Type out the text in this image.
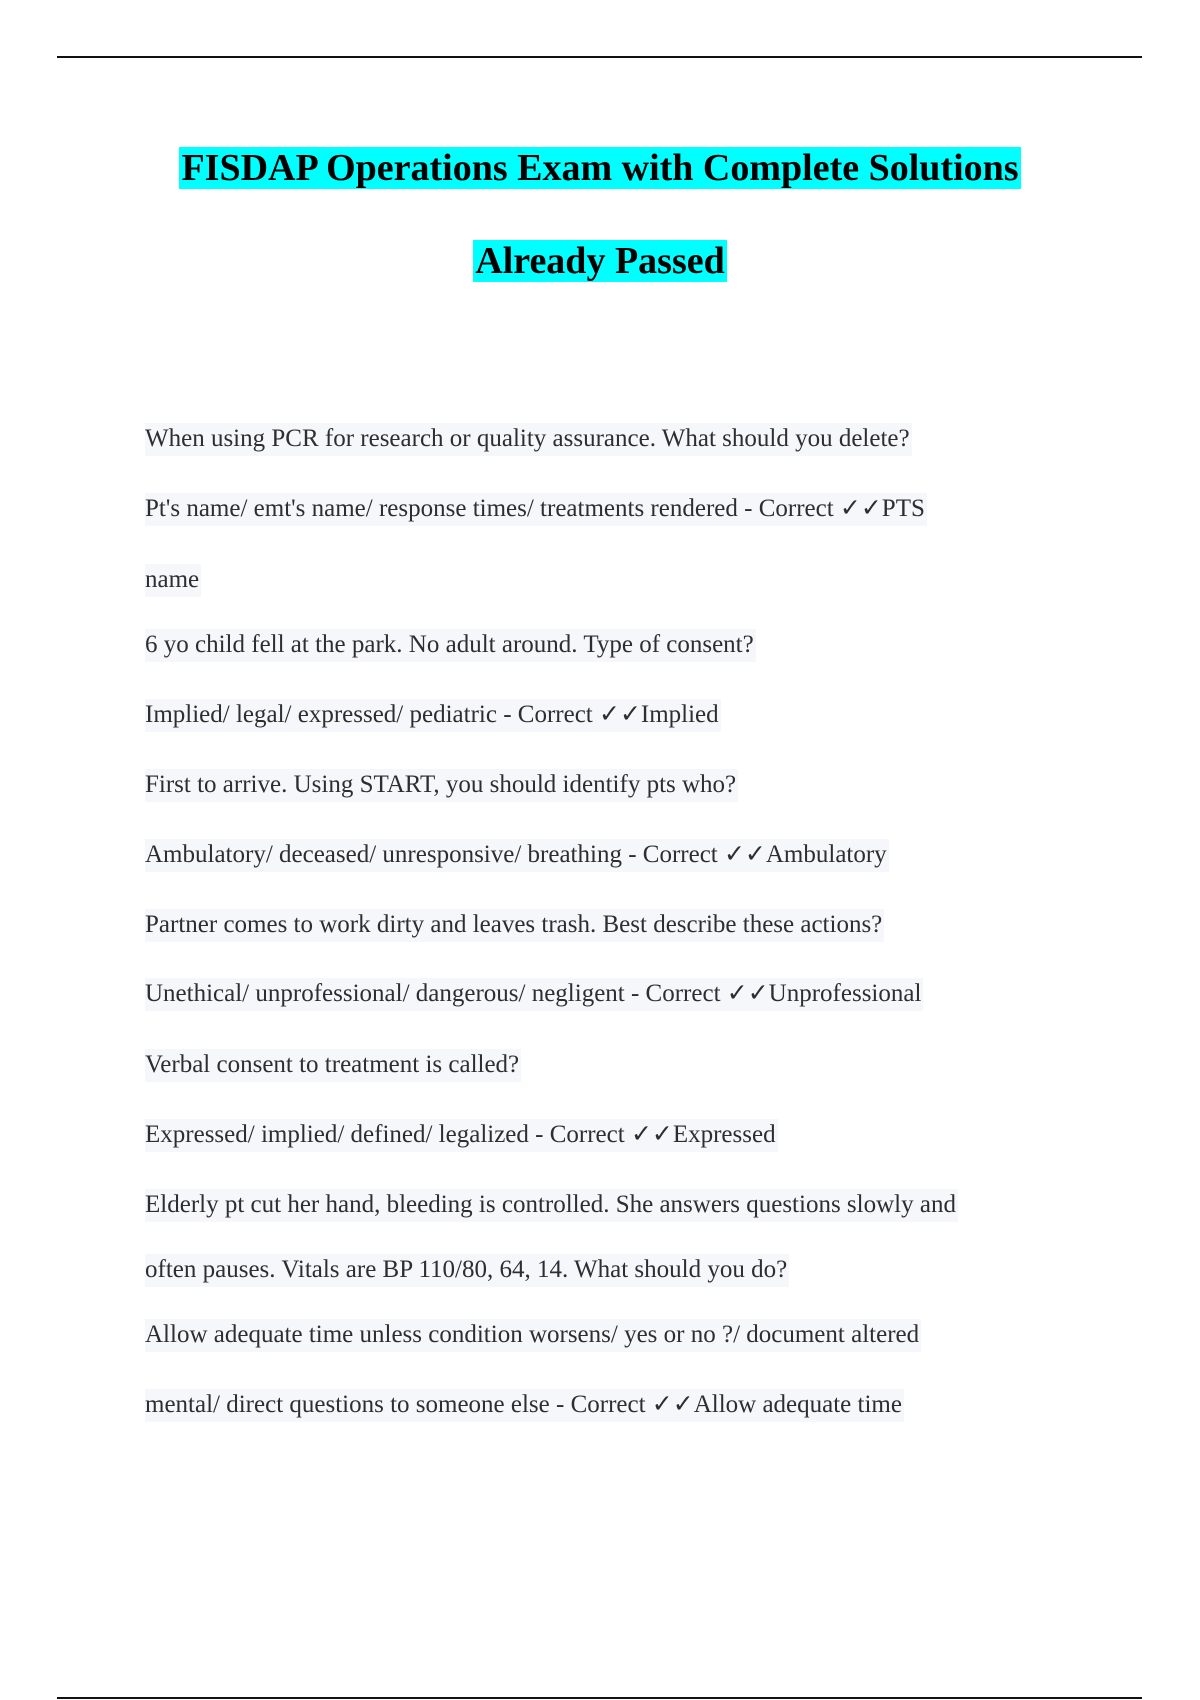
FISDAP Operations Exam with Complete Solutions
Already Passed
When using PCR for research or quality assurance. What should you delete?
Pt's name/ emt's name/ response times/ treatments rendered - Correct ✓✓PTS
name
6 yo child fell at the park. No adult around. Type of consent?
Implied/ legal/ expressed/ pediatric - Correct ✓✓Implied
First to arrive. Using START, you should identify pts who?
Ambulatory/ deceased/ unresponsive/ breathing - Correct ✓✓Ambulatory
Partner comes to work dirty and leaves trash. Best describe these actions?
Unethical/ unprofessional/ dangerous/ negligent - Correct ✓✓Unprofessional
Verbal consent to treatment is called?
Expressed/ implied/ defined/ legalized - Correct ✓✓Expressed
Elderly pt cut her hand, bleeding is controlled. She answers questions slowly and
often pauses. Vitals are BP 110/80, 64, 14. What should you do?
Allow adequate time unless condition worsens/ yes or no ?/ document altered
mental/ direct questions to someone else - Correct ✓✓Allow adequate time
